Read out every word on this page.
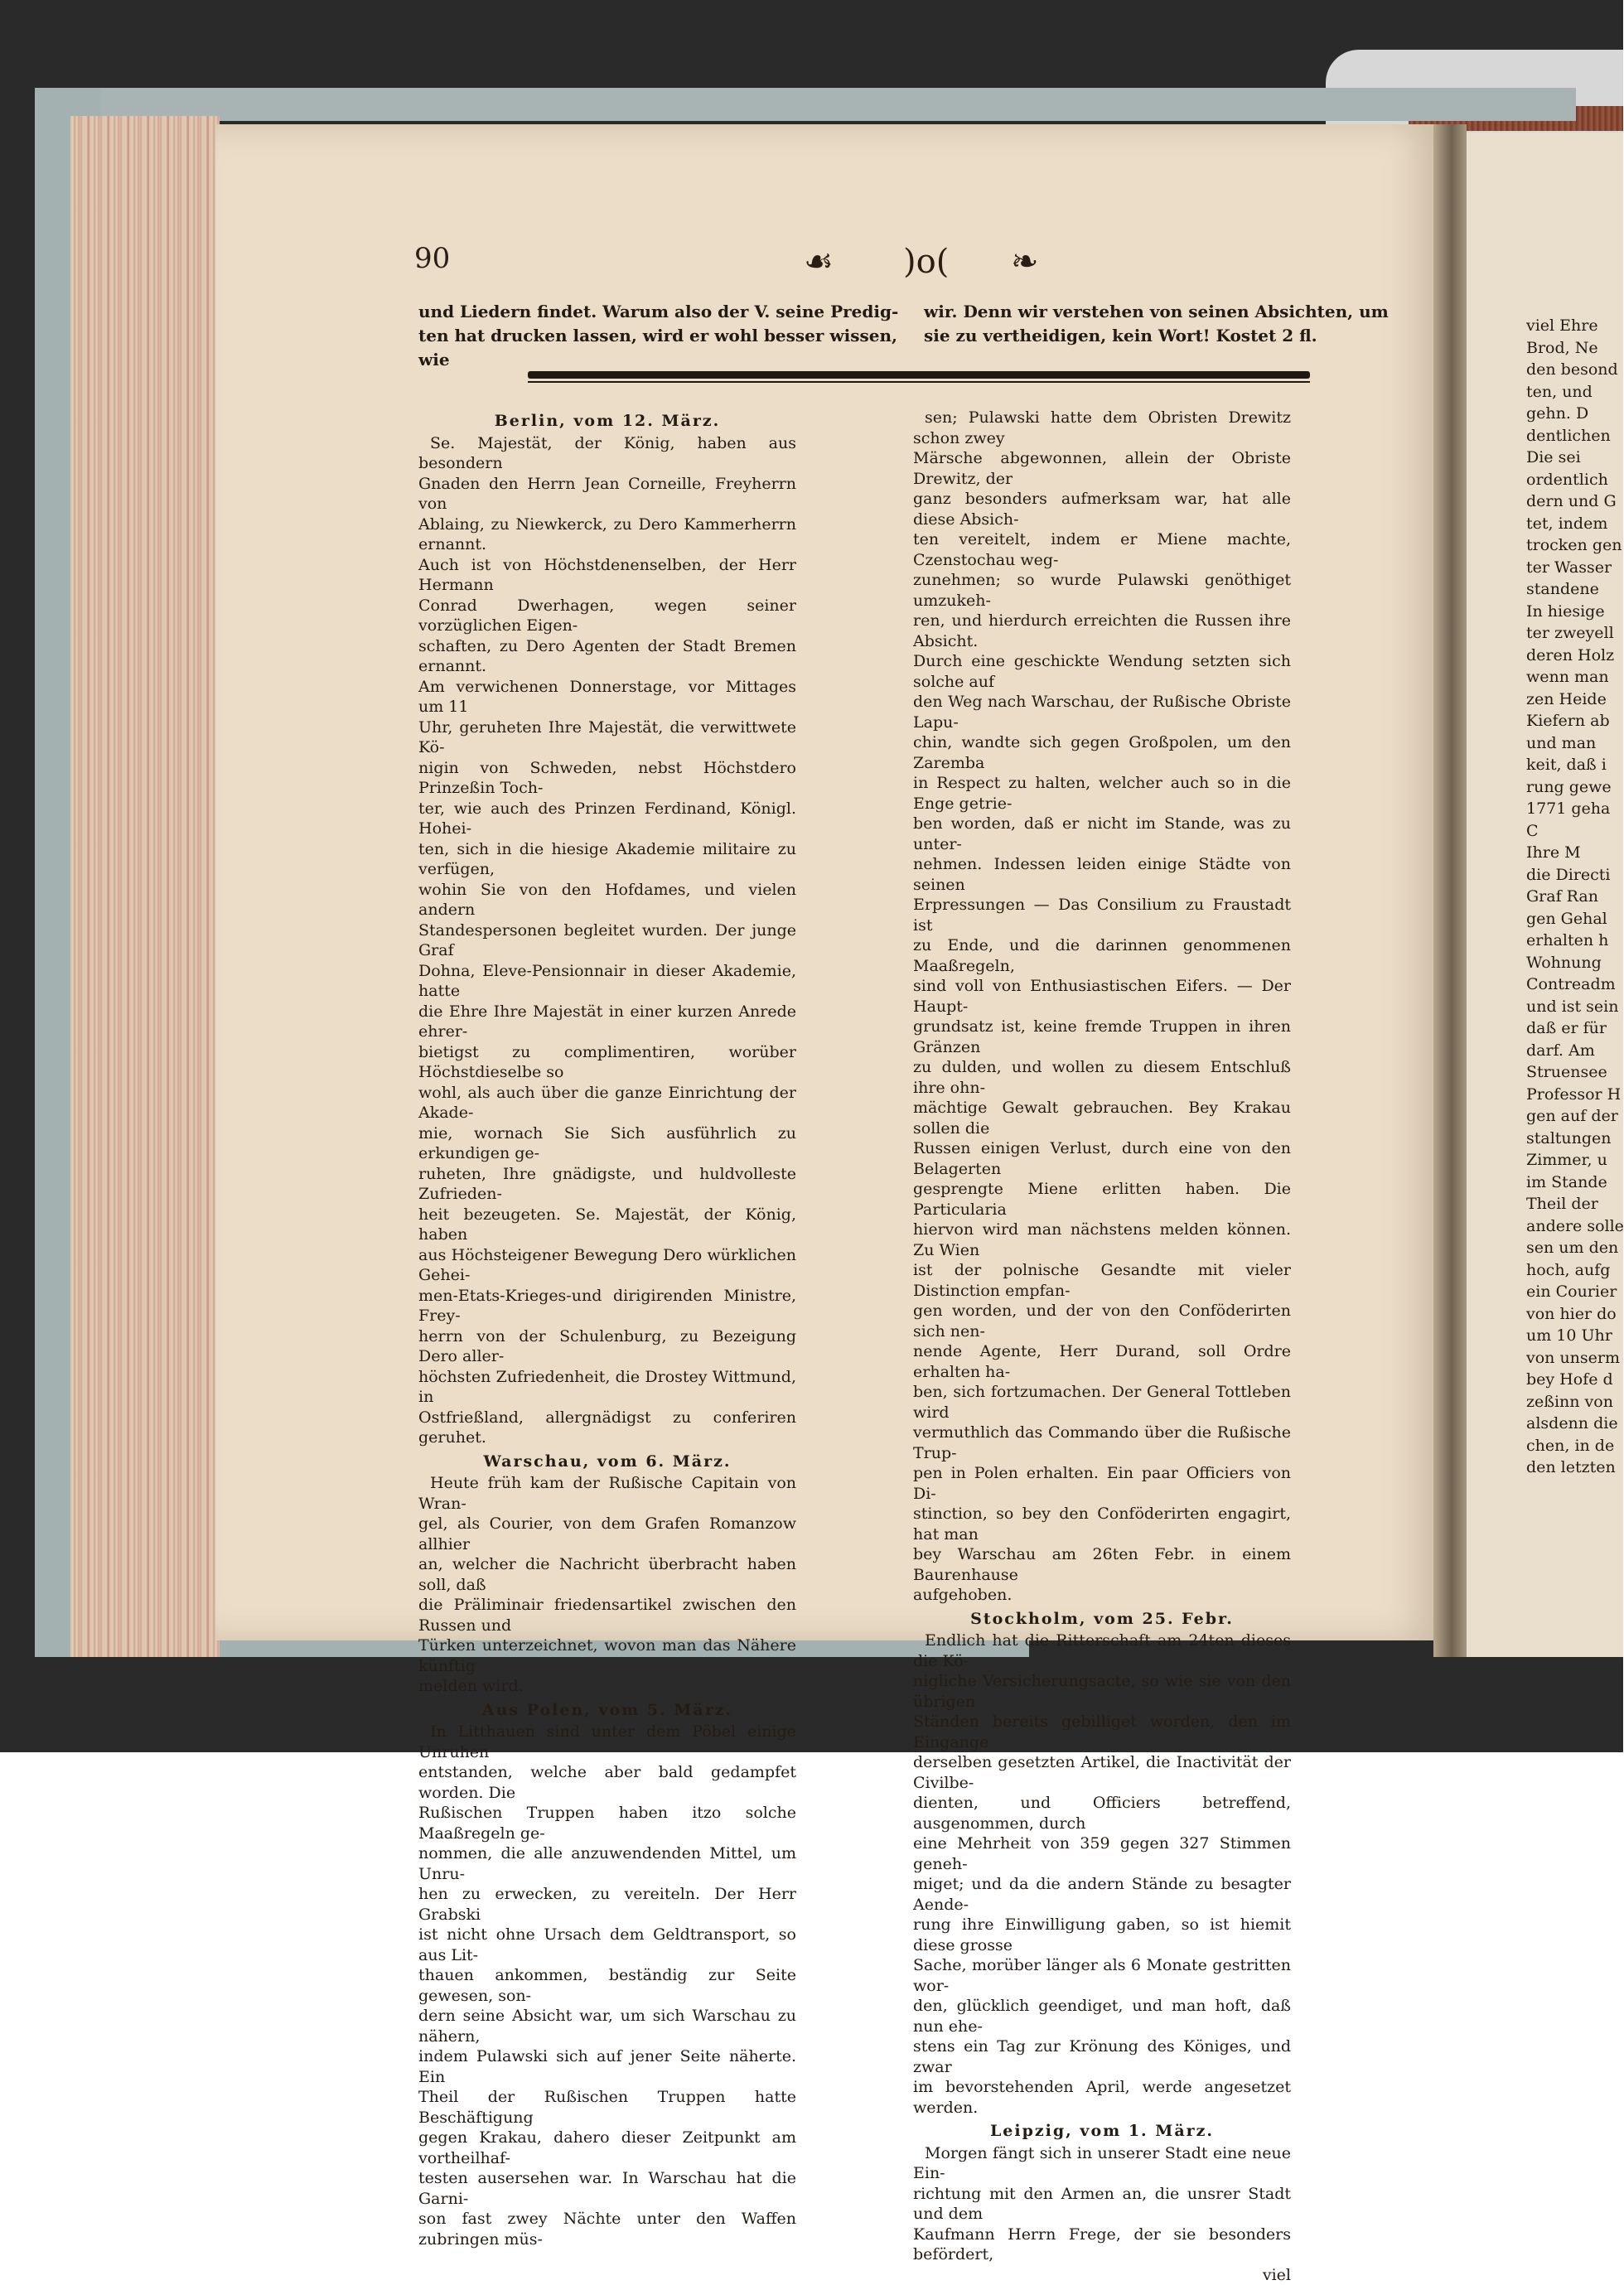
90	☙ )o( ❧
und Liedern findet. Warum also der V. seine Predig-
ten hat drucken lassen, wird er wohl besser wissen, wie
wir. Denn wir verstehen von seinen Absichten, um
sie zu vertheidigen, kein Wort! Kostet 2 fl.

Berlin, vom 12. März.

Se. Majestät, der König, haben aus besondern

Gnaden den Herrn Jean Corneille, Freyherrn von

Ablaing, zu Niewkerck, zu Dero Kammerherrn ernannt.

Auch ist von Höchstdenenselben, der Herr Hermann

Conrad Dwerhagen, wegen seiner vorzüglichen Eigen-

schaften, zu Dero Agenten der Stadt Bremen ernannt.

Am verwichenen Donnerstage, vor Mittages um 11

Uhr, geruheten Ihre Majestät, die verwittwete Kö-

nigin von Schweden, nebst Höchstdero Prinzeßin Toch-

ter, wie auch des Prinzen Ferdinand, Königl. Hohei-

ten, sich in die hiesige Akademie militaire zu verfügen,

wohin Sie von den Hofdames, und vielen andern

Standespersonen begleitet wurden. Der junge Graf

Dohna, Eleve-Pensionnair in dieser Akademie, hatte

die Ehre Ihre Majestät in einer kurzen Anrede ehrer-

bietigst zu complimentiren, worüber Höchstdieselbe so

wohl, als auch über die ganze Einrichtung der Akade-

mie, wornach Sie Sich ausführlich zu erkundigen ge-

ruheten, Ihre gnädigste, und huldvolleste Zufrieden-

heit bezeugeten. Se. Majestät, der König, haben

aus Höchsteigener Bewegung Dero würklichen Gehei-

men-Etats-Krieges-und dirigirenden Ministre, Frey-

herrn von der Schulenburg, zu Bezeigung Dero aller-

höchsten Zufriedenheit, die Drostey Wittmund, in

Ostfrießland, allergnädigst zu conferiren geruhet.

Warschau, vom 6. März.

Heute früh kam der Rußische Capitain von Wran-

gel, als Courier, von dem Grafen Romanzow allhier

an, welcher die Nachricht überbracht haben soll, daß

die Präliminair friedensartikel zwischen den Russen und

Türken unterzeichnet, wovon man das Nähere künftig

melden wird.

Aus Polen, vom 5. März.

In Litthauen sind unter dem Pöbel einige Unruhen

entstanden, welche aber bald gedampfet worden. Die

Rußischen Truppen haben itzo solche Maaßregeln ge-

nommen, die alle anzuwendenden Mittel, um Unru-

hen zu erwecken, zu vereiteln. Der Herr Grabski

ist nicht ohne Ursach dem Geldtransport, so aus Lit-

thauen ankommen, beständig zur Seite gewesen, son-

dern seine Absicht war, um sich Warschau zu nähern,

indem Pulawski sich auf jener Seite näherte. Ein

Theil der Rußischen Truppen hatte Beschäftigung

gegen Krakau, dahero dieser Zeitpunkt am vortheilhaf-

testen ausersehen war. In Warschau hat die Garni-

son fast zwey Nächte unter den Waffen zubringen müs-

sen; Pulawski hatte dem Obristen Drewitz schon zwey

Märsche abgewonnen, allein der Obriste Drewitz, der

ganz besonders aufmerksam war, hat alle diese Absich-

ten vereitelt, indem er Miene machte, Czenstochau weg-

zunehmen; so wurde Pulawski genöthiget umzukeh-

ren, und hierdurch erreichten die Russen ihre Absicht.

Durch eine geschickte Wendung setzten sich solche auf

den Weg nach Warschau, der Rußische Obriste Lapu-

chin, wandte sich gegen Großpolen, um den Zaremba

in Respect zu halten, welcher auch so in die Enge getrie-

ben worden, daß er nicht im Stande, was zu unter-

nehmen. Indessen leiden einige Städte von seinen

Erpressungen — Das Consilium zu Fraustadt ist

zu Ende, und die darinnen genommenen Maaßregeln,

sind voll von Enthusiastischen Eifers. — Der Haupt-

grundsatz ist, keine fremde Truppen in ihren Gränzen

zu dulden, und wollen zu diesem Entschluß ihre ohn-

mächtige Gewalt gebrauchen. Bey Krakau sollen die

Russen einigen Verlust, durch eine von den Belagerten

gesprengte Miene erlitten haben. Die Particularia

hiervon wird man nächstens melden können. Zu Wien

ist der polnische Gesandte mit vieler Distinction empfan-

gen worden, und der von den Conföderirten sich nen-

nende Agente, Herr Durand, soll Ordre erhalten ha-

ben, sich fortzumachen. Der General Tottleben wird

vermuthlich das Commando über die Rußische Trup-

pen in Polen erhalten. Ein paar Officiers von Di-

stinction, so bey den Conföderirten engagirt, hat man

bey Warschau am 26ten Febr. in einem Baurenhause

aufgehoben.

Stockholm, vom 25. Febr.

Endlich hat die Ritterschaft am 24ten dieses die Kö-

nigliche Versicherungsacte, so wie sie von den übrigen

Ständen bereits gebilliget worden, den im Eingange

derselben gesetzten Artikel, die Inactivität der Civilbe-

dienten, und Officiers betreffend, ausgenommen, durch

eine Mehrheit von 359 gegen 327 Stimmen geneh-

miget; und da die andern Stände zu besagter Aende-

rung ihre Einwilligung gaben, so ist hiemit diese grosse

Sache, morüber länger als 6 Monate gestritten wor-

den, glücklich geendiget, und man hoft, daß nun ehe-

stens ein Tag zur Krönung des Königes, und zwar

im bevorstehenden April, werde angesetzet werden.

Leipzig, vom 1. März.

Morgen fängt sich in unserer Stadt eine neue Ein-

richtung mit den Armen an, die unsrer Stadt und dem

Kaufmann Herrn Frege, der sie besonders befördert,

viel

viel Ehre
Brod, Ne
den besond
ten, und
gehn. D
dentlichen
Die sei
ordentlich
dern und G
tet, indem
trocken gen
ter Wasser
standene
In hiesige
ter zweyell
deren Holz
wenn man
zen Heide
Kiefern ab
und man
keit, daß i
rung gewe
1771 geha
C
Ihre M
die Directi
Graf Ran
gen Gehal
erhalten h
Wohnung
Contreadm
und ist sein
daß er für
darf. Am
Struensee
Professor H
gen auf der
staltungen
Zimmer, u
im Stande
Theil der
andere solle
sen um den
hoch, aufg
ein Courier
von hier do
um 10 Uhr
von unserm
bey Hofe d
zeßinn von
alsdenn die
chen, in de
den letzten
